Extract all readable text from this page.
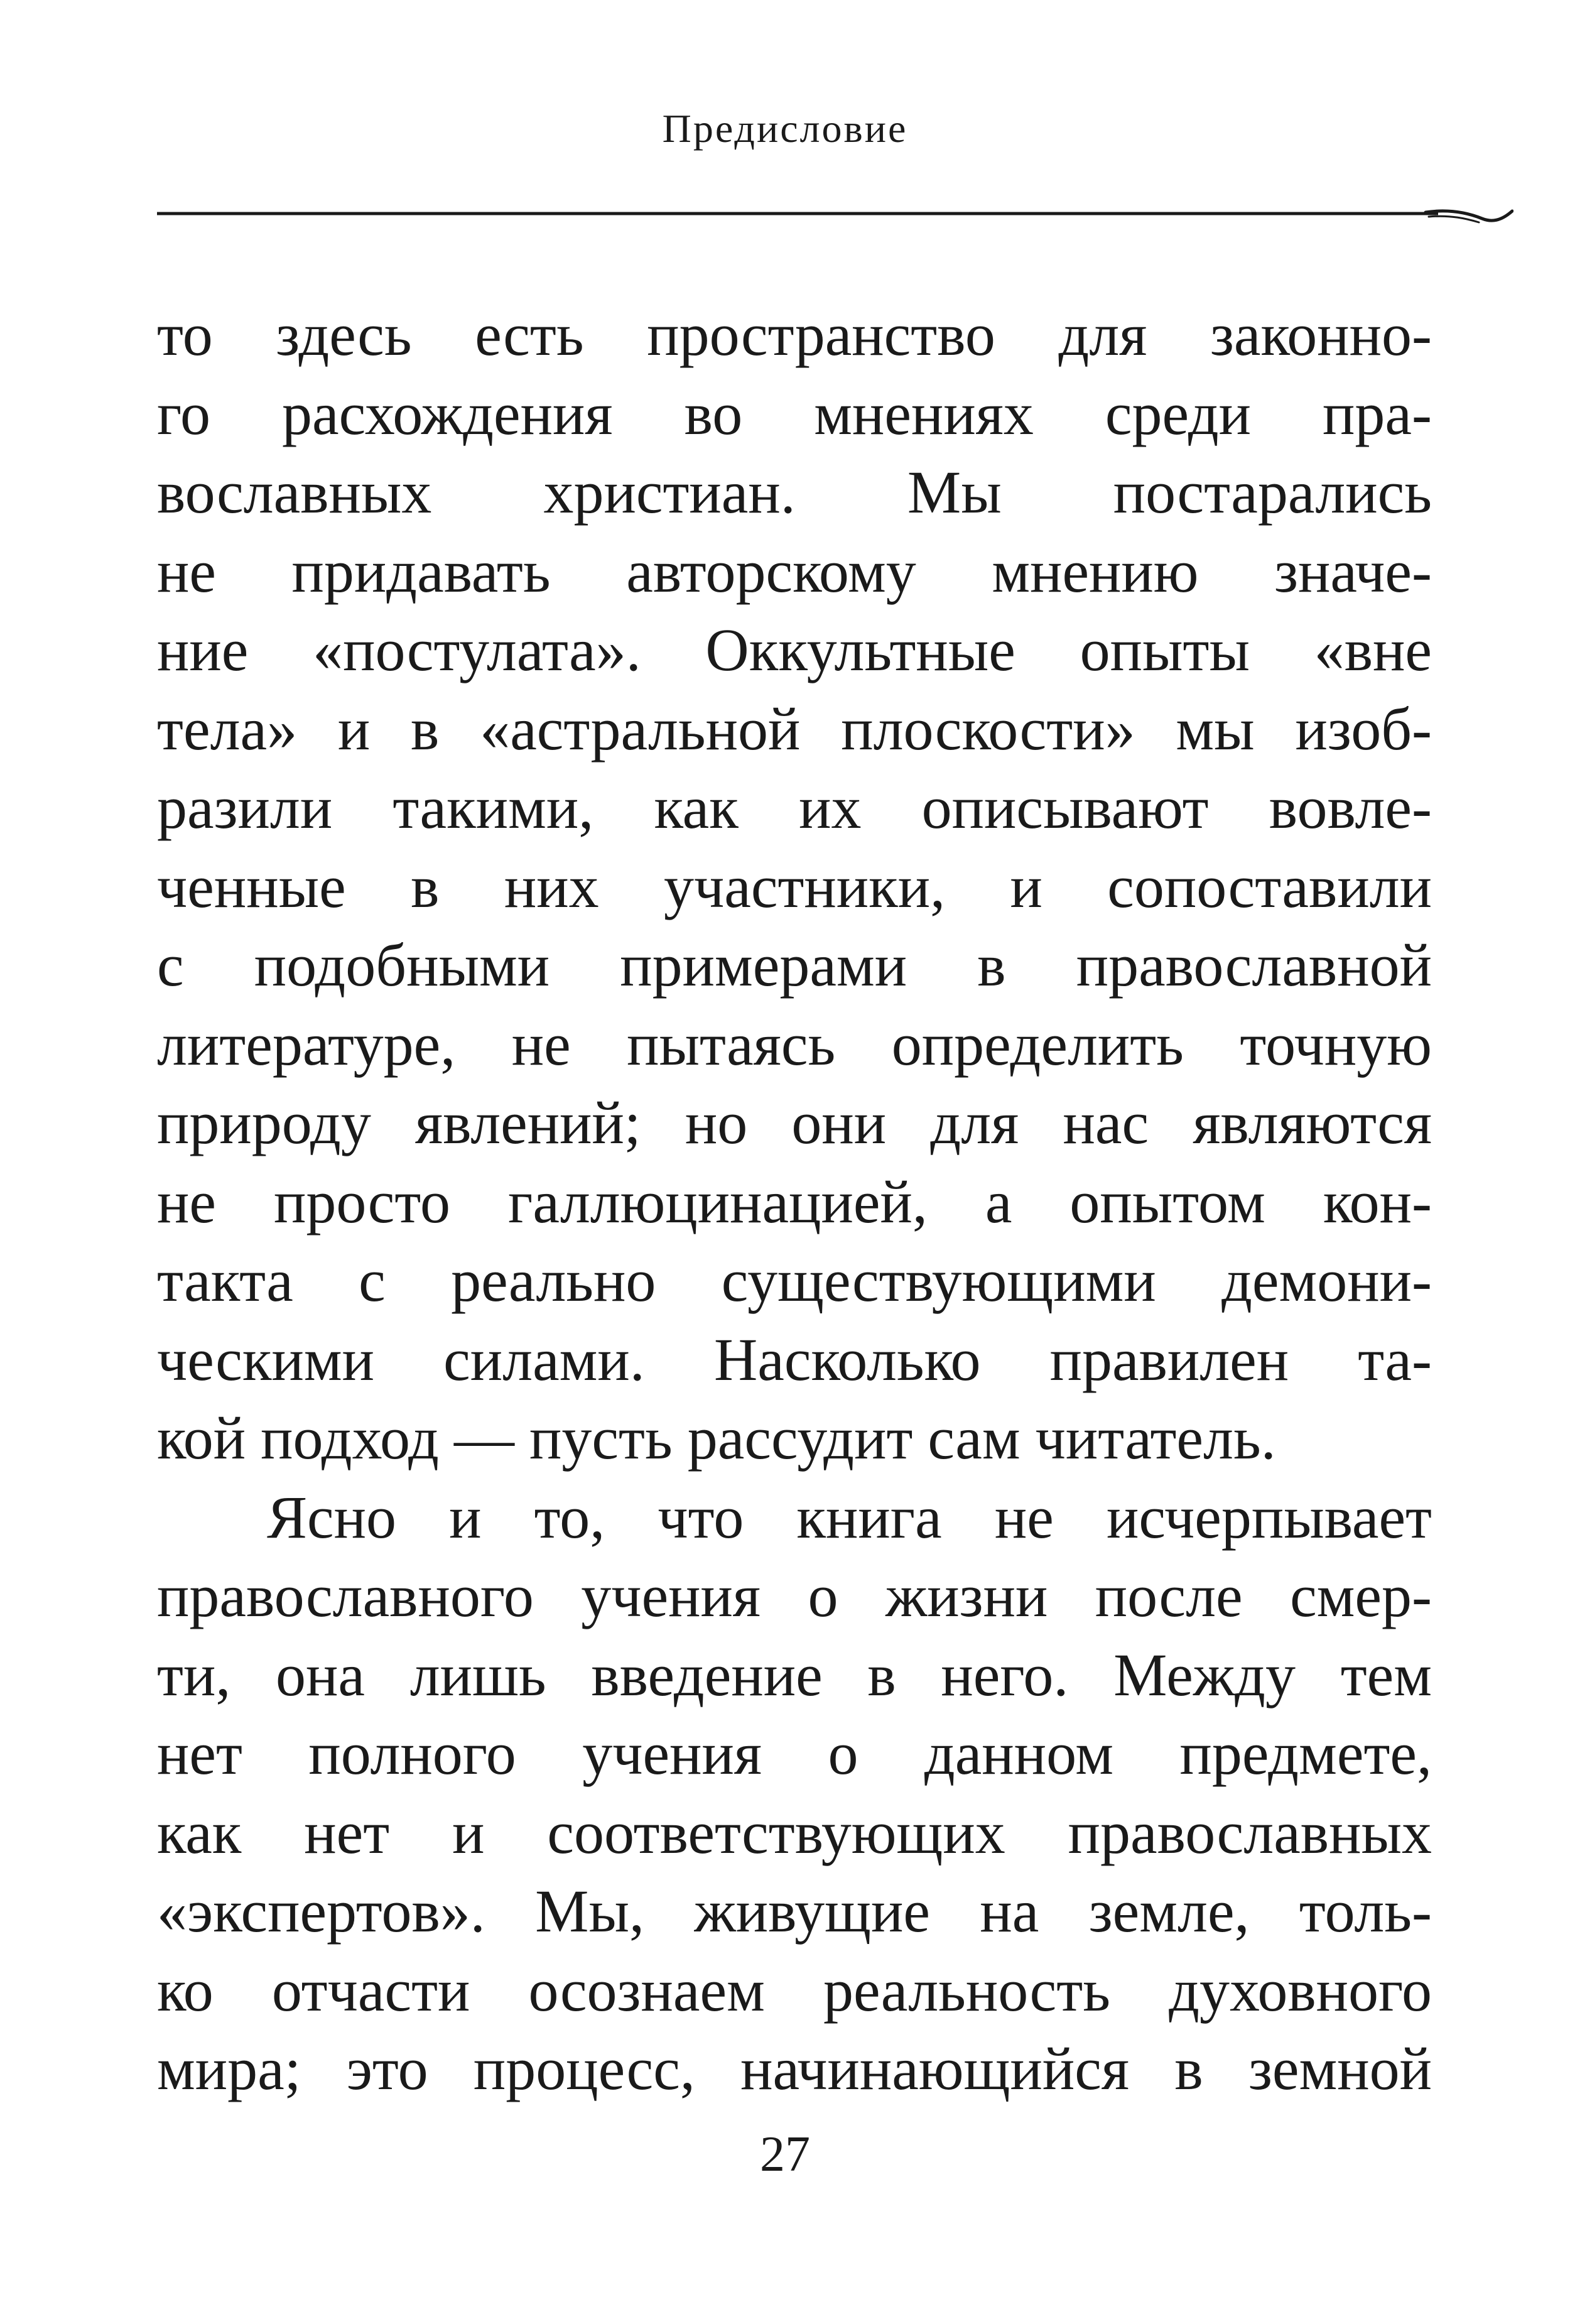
Предисловие
то здесь есть пространство для законно-
го расхождения во мнениях среди пра-
вославных христиан. Мы постарались
не придавать авторскому мнению значе-
ние «постулата». Оккультные опыты «вне
тела» и в «астральной плоскости» мы изоб-
разили такими, как их описывают вовле-
ченные в них участники, и сопоставили
с подобными примерами в православной
литературе, не пытаясь определить точную
природу явлений; но они для нас являются
не просто галлюцинацией, а опытом кон-
такта с реально существующими демони-
ческими силами. Насколько правилен та-
кой подход — пусть рассудит сам читатель.
Ясно и то, что книга не исчерпывает
православного учения о жизни после смер-
ти, она лишь введение в него. Между тем
нет полного учения о данном предмете,
как нет и соответствующих православных
«экспертов». Мы, живущие на земле, толь-
ко отчасти осознаем реальность духовного
мира; это процесс, начинающийся в земной
27
